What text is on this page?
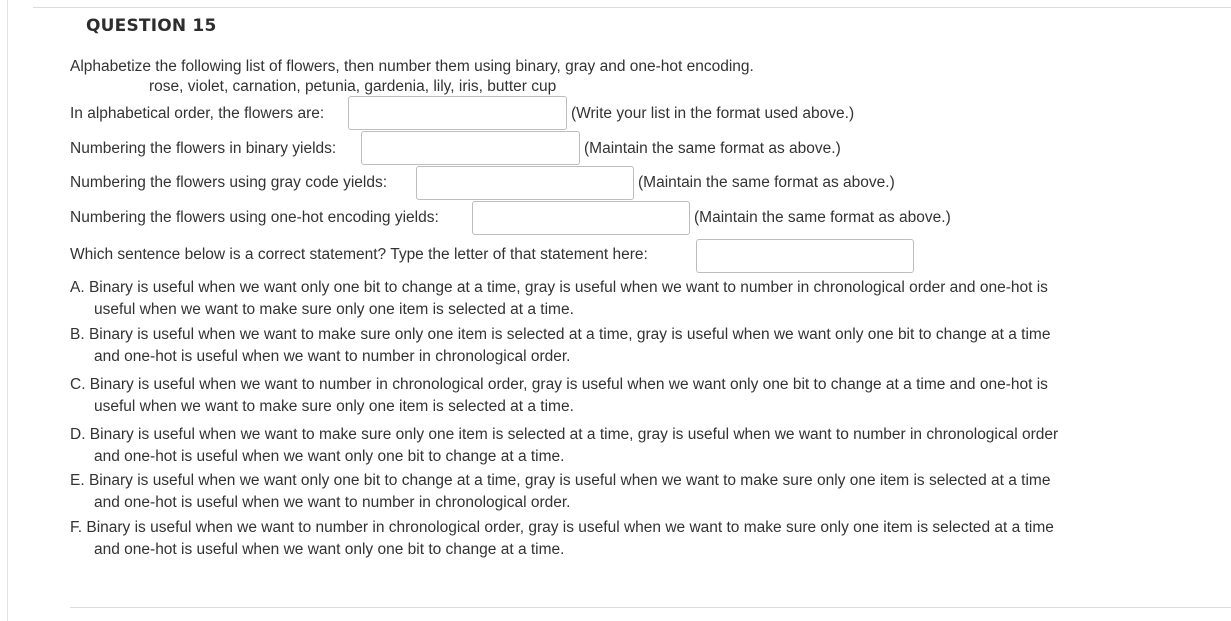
QUESTION 15
Alphabetize the following list of flowers, then number them using binary, gray and one-hot encoding.
rose, violet, carnation, petunia, gardenia, lily, iris, butter cup
In alphabetical order, the flowers are:	(Write your list in the format used above.)
Numbering the flowers in binary yields:	(Maintain the same format as above.)
Numbering the flowers using gray code yields:	(Maintain the same format as above.)
Numbering the flowers using one-hot encoding yields:	(Maintain the same format as above.)
Which sentence below is a correct statement? Type the letter of that statement here:
A. Binary is useful when we want only one bit to change at a time, gray is useful when we want to number in chronological order and one-hot is
useful when we want to make sure only one item is selected at a time.
B. Binary is useful when we want to make sure only one item is selected at a time, gray is useful when we want only one bit to change at a time
and one-hot is useful when we want to number in chronological order.
C. Binary is useful when we want to number in chronological order, gray is useful when we want only one bit to change at a time and one-hot is
useful when we want to make sure only one item is selected at a time.
D. Binary is useful when we want to make sure only one item is selected at a time, gray is useful when we want to number in chronological order
and one-hot is useful when we want only one bit to change at a time.
E. Binary is useful when we want only one bit to change at a time, gray is useful when we want to make sure only one item is selected at a time
and one-hot is useful when we want to number in chronological order.
F. Binary is useful when we want to number in chronological order, gray is useful when we want to make sure only one item is selected at a time
and one-hot is useful when we want only one bit to change at a time.
